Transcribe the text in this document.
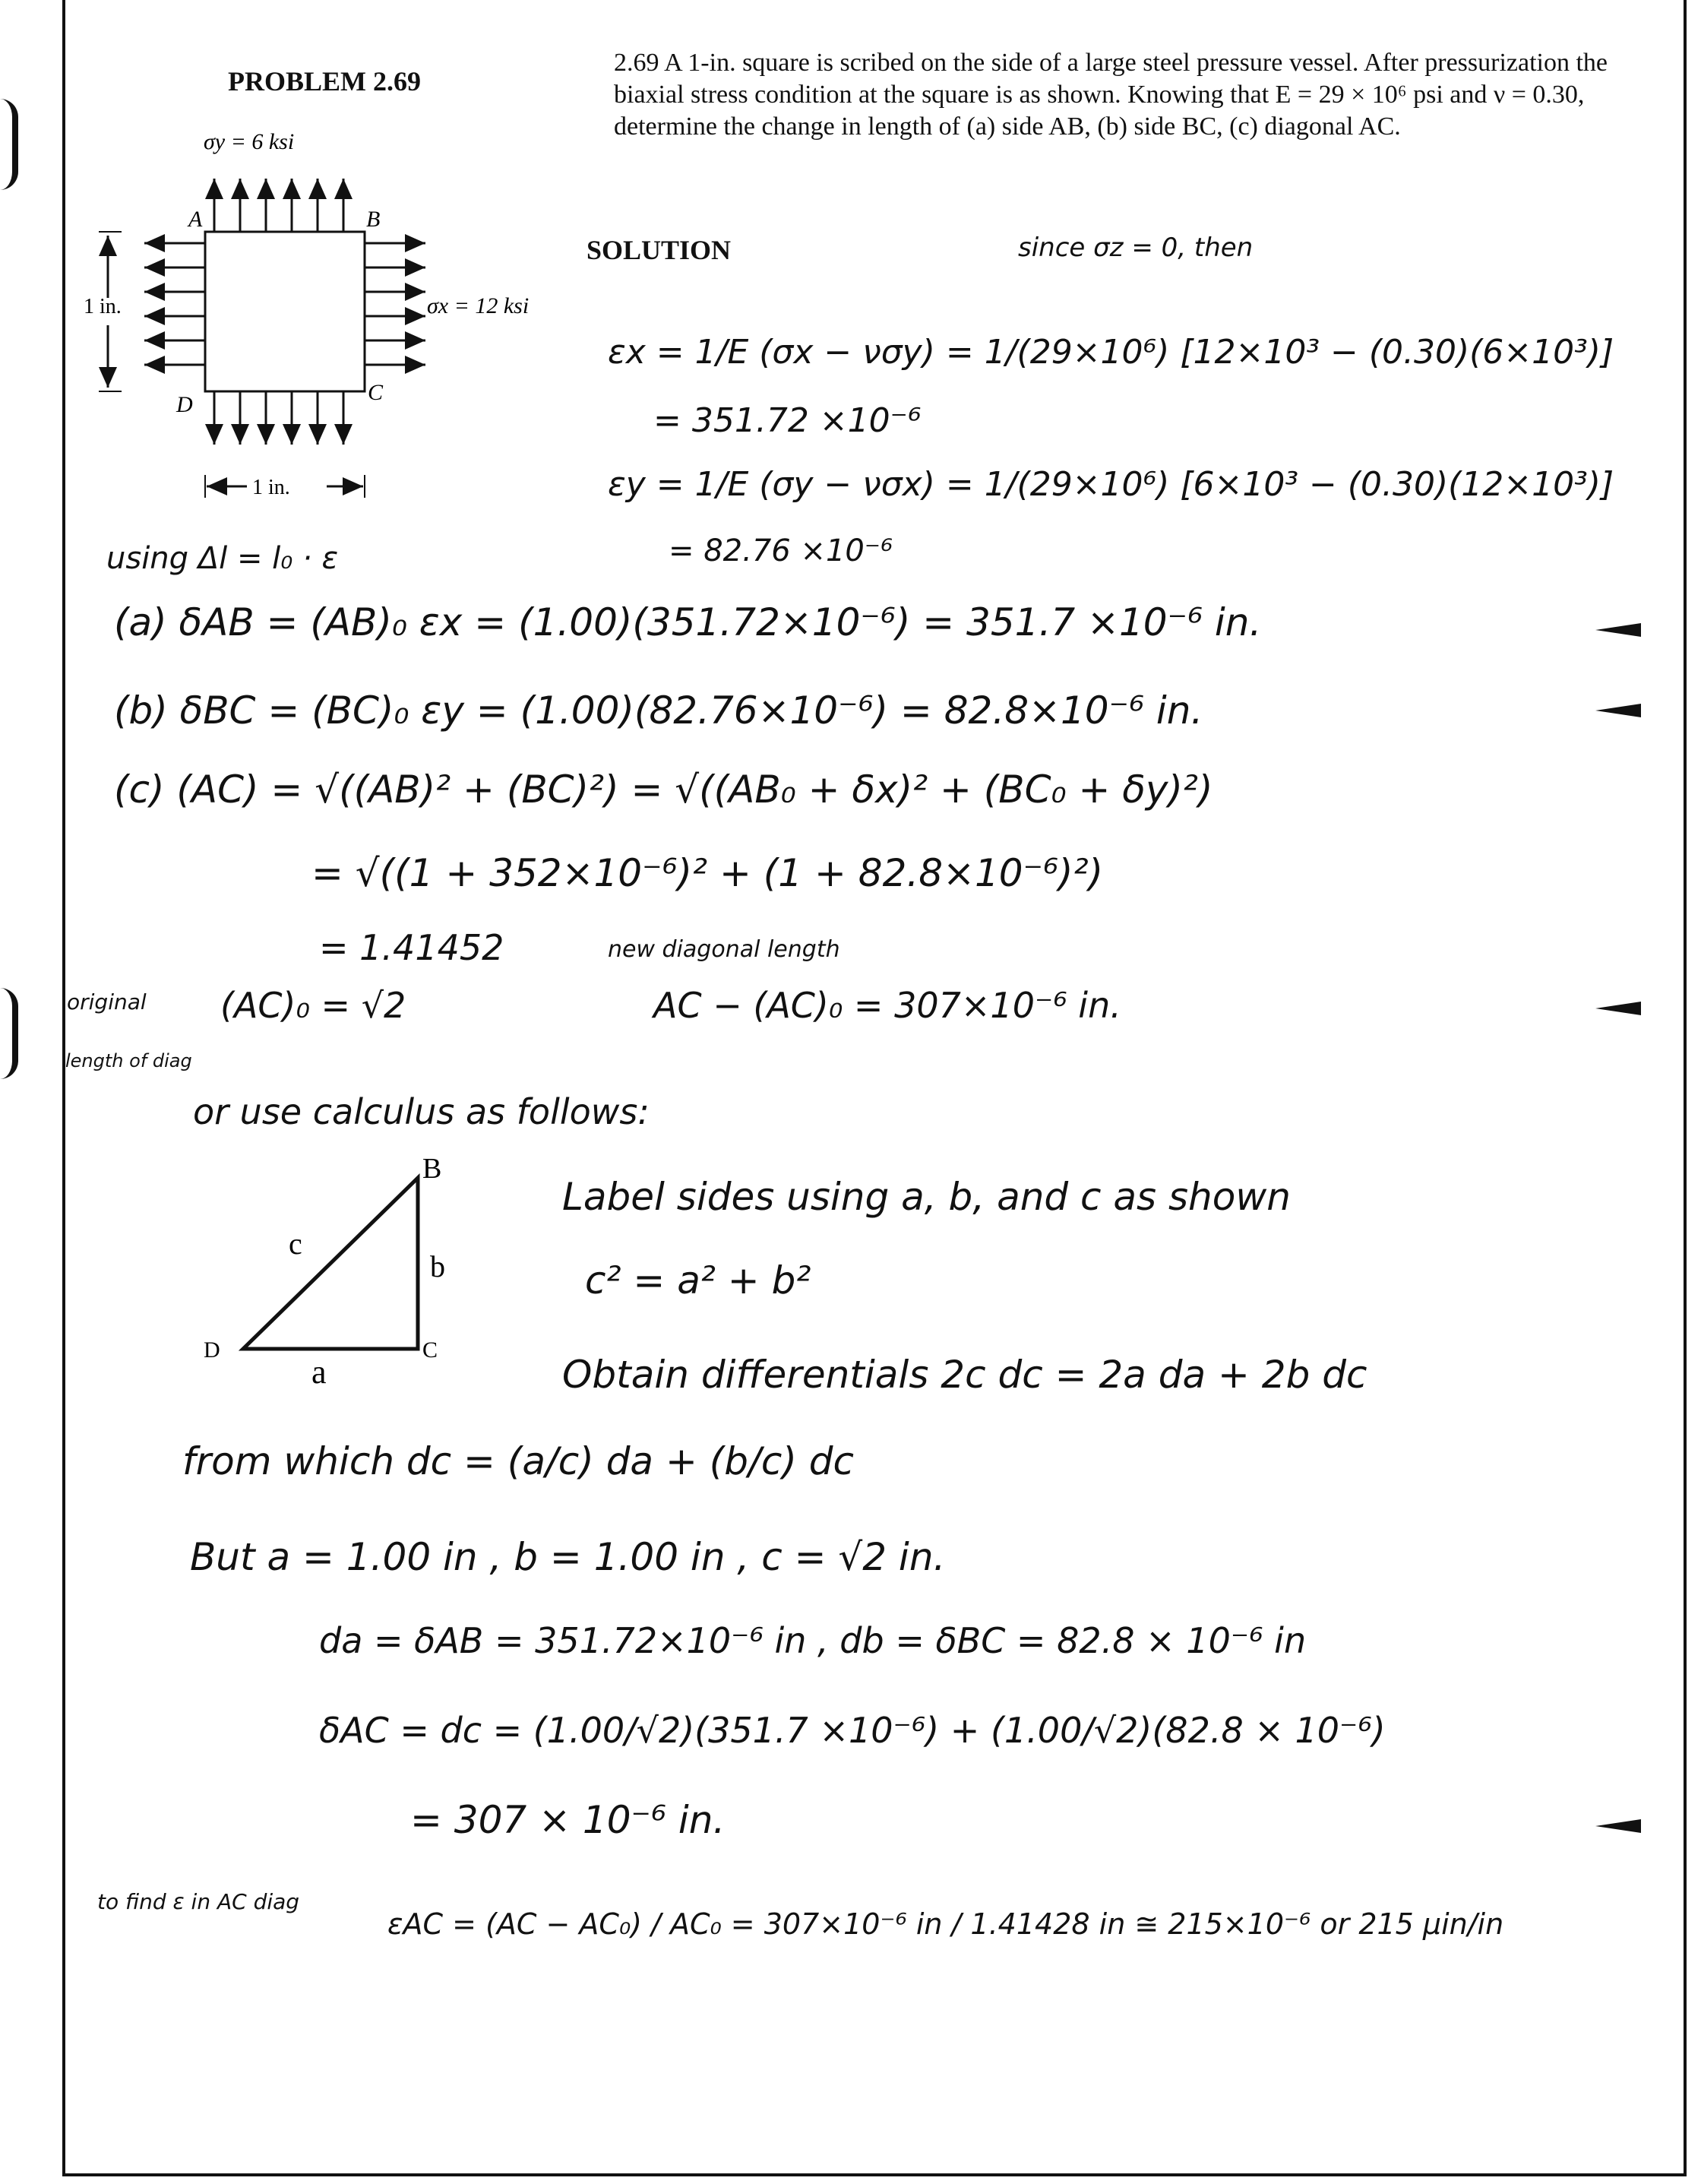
PROBLEM 2.69
2.69 A 1-in. square is scribed on the side of a large steel pressure vessel. After pressurization the biaxial stress condition at the square is as shown. Knowing that E = 29 × 10⁶ psi and ν = 0.30, determine the change in length of (a) side AB, (b) side BC, (c) diagonal AC.
σy = 6 ksi
σx = 12 ksi
A	B
C
D
1 in.
1 in.
SOLUTION	since σz = 0, then
εx = 1/E (σx − νσy) = 1/(29×10⁶) [12×10³ − (0.30)(6×10³)]
= 351.72 ×10⁻⁶
εy = 1/E (σy − νσx) = 1/(29×10⁶) [6×10³ − (0.30)(12×10³)]
= 82.76 ×10⁻⁶
using Δl = l₀ · ε
(a) δAB = (AB)₀ εx = (1.00)(351.72×10⁻⁶) = 351.7 ×10⁻⁶ in.
(b) δBC = (BC)₀ εy = (1.00)(82.76×10⁻⁶) = 82.8×10⁻⁶ in.
(c) (AC) = √((AB)² + (BC)²) = √((AB₀ + δx)² + (BC₀ + δy)²)
= √((1 + 352×10⁻⁶)² + (1 + 82.8×10⁻⁶)²)
= 1.41452	new diagonal length
original
length of diag
(AC)₀ = √2	AC − (AC)₀ = 307×10⁻⁶ in.
or use calculus as follows:
B
c
b
D
a
C
Label sides using a, b, and c as shown
c² = a² + b²
Obtain differentials 2c dc = 2a da + 2b dc
from which dc = (a/c) da + (b/c) dc
But a = 1.00 in , b = 1.00 in , c = √2 in.
da = δAB = 351.72×10⁻⁶ in , db = δBC = 82.8 × 10⁻⁶ in
δAC = dc = (1.00/√2)(351.7 ×10⁻⁶) + (1.00/√2)(82.8 × 10⁻⁶)
= 307 × 10⁻⁶ in.
to find ε in AC diag
εAC = (AC − AC₀) / AC₀ = 307×10⁻⁶ in / 1.41428 in ≅ 215×10⁻⁶ or 215 μin/in
